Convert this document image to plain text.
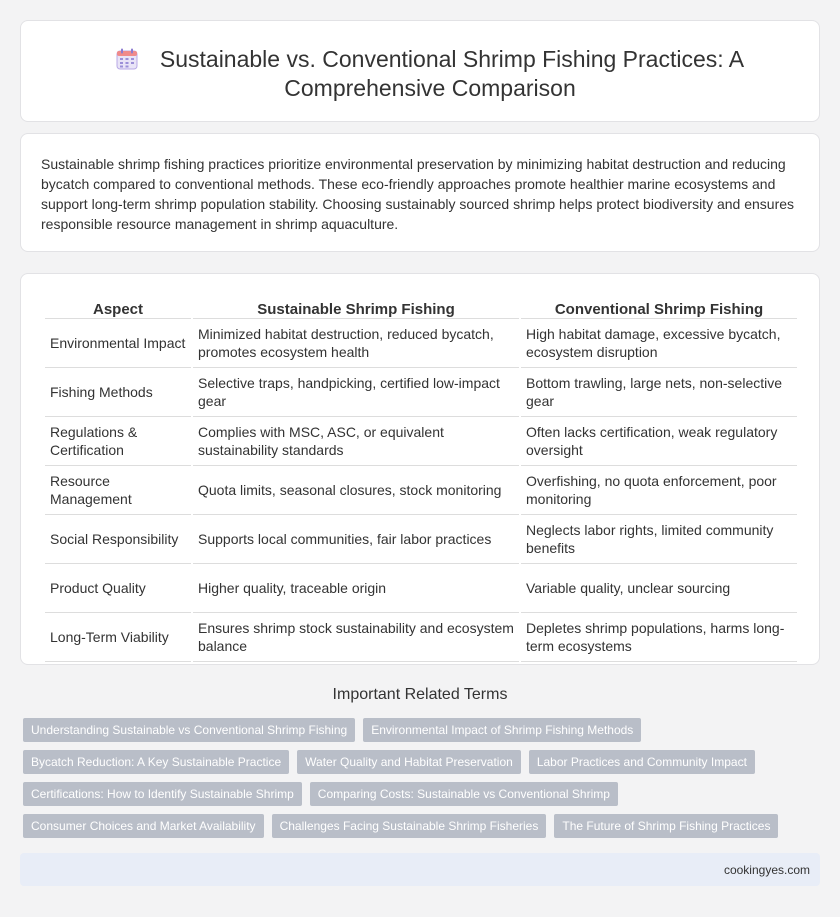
Sustainable vs. Conventional Shrimp Fishing Practices: A Comprehensive Comparison

Sustainable shrimp fishing practices prioritize environmental preservation by minimizing habitat destruction and reducing bycatch compared to conventional methods. These eco-friendly approaches promote healthier marine ecosystems and support long-term shrimp population stability. Choosing sustainably sourced shrimp helps protect biodiversity and ensures responsible resource management in shrimp aquaculture.

Aspect	Sustainable Shrimp Fishing	Conventional Shrimp Fishing
Environmental Impact	Minimized habitat destruction, reduced bycatch, promotes ecosystem health	High habitat damage, excessive bycatch, ecosystem disruption
Fishing Methods	Selective traps, handpicking, certified low-impact gear	Bottom trawling, large nets, non-selective gear
Regulations & Certification	Complies with MSC, ASC, or equivalent sustainability standards	Often lacks certification, weak regulatory oversight
Resource Management	Quota limits, seasonal closures, stock monitoring	Overfishing, no quota enforcement, poor monitoring
Social Responsibility	Supports local communities, fair labor practices	Neglects labor rights, limited community benefits
Product Quality	Higher quality, traceable origin	Variable quality, unclear sourcing
Long-Term Viability	Ensures shrimp stock sustainability and ecosystem balance	Depletes shrimp populations, harms long-term ecosystems
Important Related Terms
Understanding Sustainable vs Conventional Shrimp Fishing	Environmental Impact of Shrimp Fishing Methods
Bycatch Reduction: A Key Sustainable Practice	Water Quality and Habitat Preservation	Labor Practices and Community Impact
Certifications: How to Identify Sustainable Shrimp	Comparing Costs: Sustainable vs Conventional Shrimp
Consumer Choices and Market Availability	Challenges Facing Sustainable Shrimp Fisheries	The Future of Shrimp Fishing Practices
cookingyes.com
